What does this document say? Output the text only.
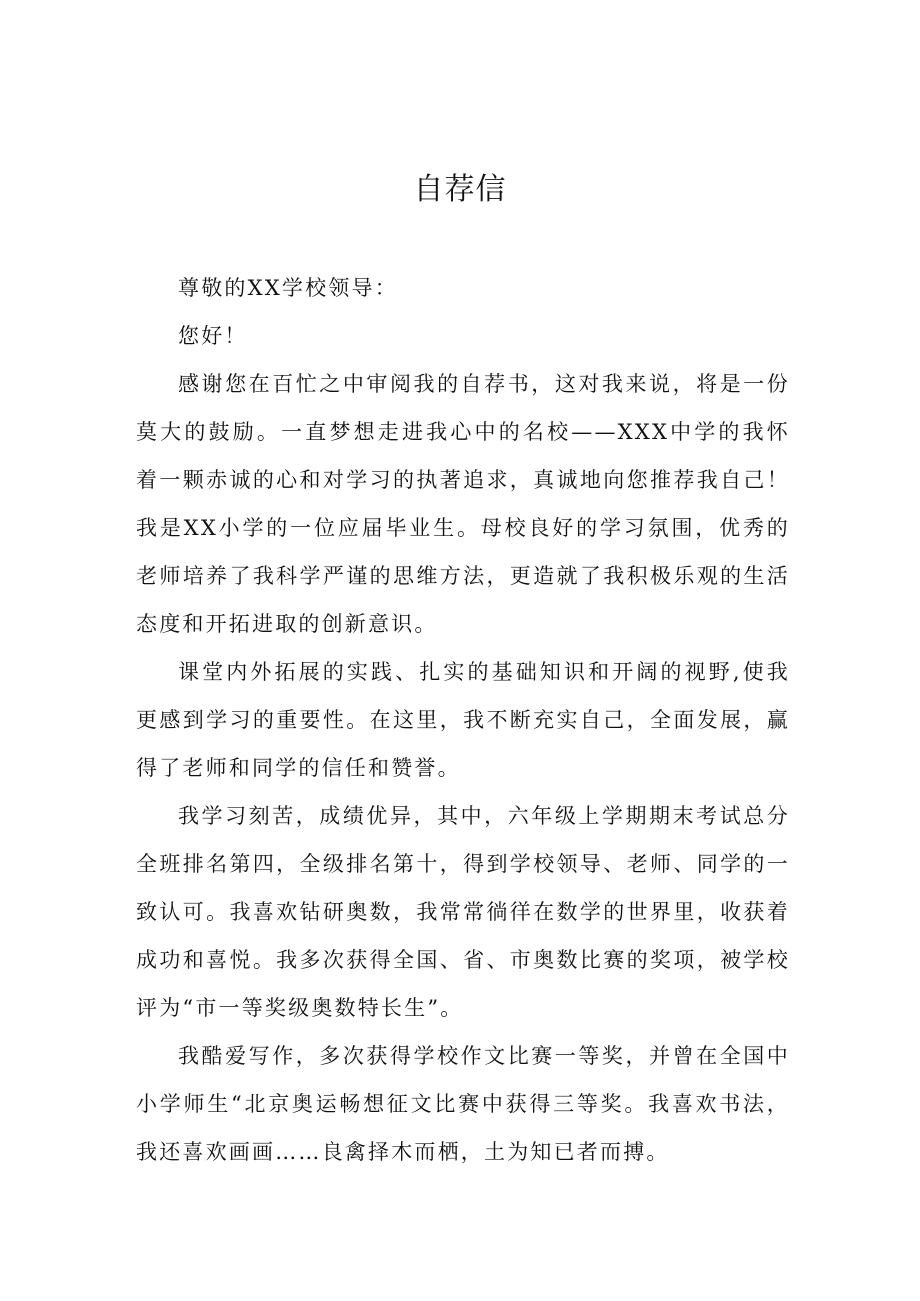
自荐信

尊敬的XX学校领导：

您好！

感谢您在百忙之中审阅我的自荐书，这对我来说，将是一份莫大的鼓励。一直梦想走进我心中的名校——XXX中学的我怀着一颗赤诚的心和对学习的执著追求，真诚地向您推荐我自己！我是XX小学的一位应届毕业生。母校良好的学习氛围，优秀的老师培养了我科学严谨的思维方法，更造就了我积极乐观的生活态度和开拓进取的创新意识。

课堂内外拓展的实践、扎实的基础知识和开阔的视野,使我更感到学习的重要性。在这里，我不断充实自己，全面发展，赢得了老师和同学的信任和赞誉。

我学习刻苦，成绩优异，其中，六年级上学期期末考试总分全班排名第四，全级排名第十，得到学校领导、老师、同学的一致认可。我喜欢钻研奥数，我常常徜徉在数学的世界里，收获着成功和喜悦。我多次获得全国、省、市奥数比赛的奖项，被学校评为“市一等奖级奥数特长生”。

我酷爱写作，多次获得学校作文比赛一等奖，并曾在全国中小学师生“北京奥运畅想征文比赛中获得三等奖。我喜欢书法，我还喜欢画画……良禽择木而栖，土为知已者而搏。
